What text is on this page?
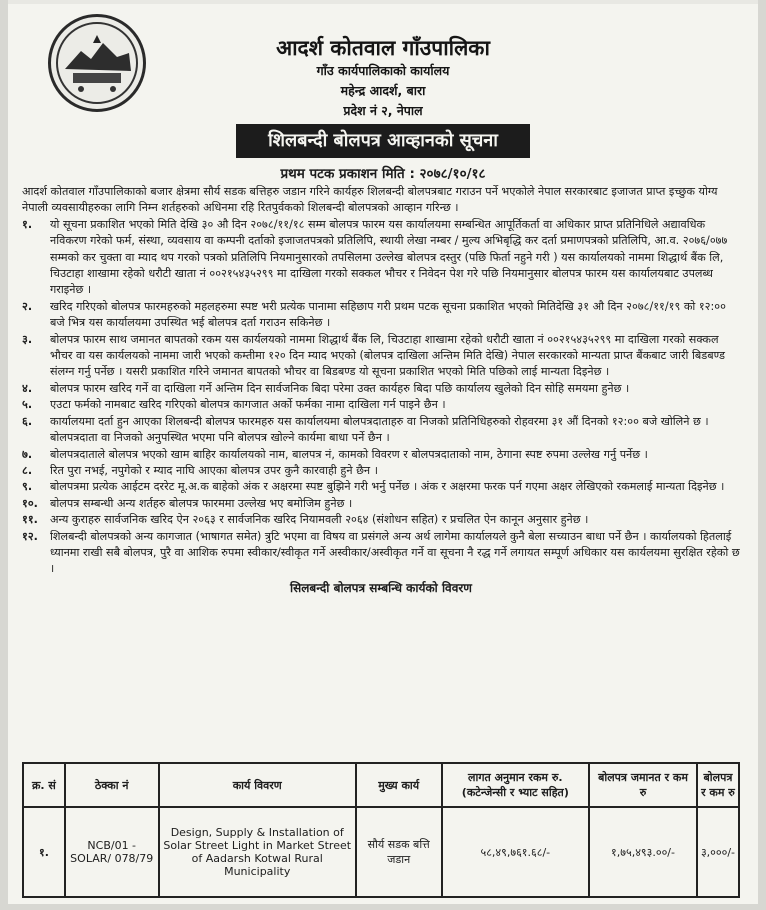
आदर्श कोतवाल गाँउपालिका
गाँउ कार्यपालिकाको कार्यालय
महेन्द्र आदर्श, बारा
प्रदेश नं २, नेपाल
शिलबन्दी बोलपत्र आव्हानको सूचना
प्रथम पटक प्रकाशन मिति : २०७८/१०/१८

आदर्श कोतवाल गाँउपालिकाको बजार क्षेत्रमा सौर्य सडक बत्तिहरु जडान गरिने कार्यहरु शिलबन्दी बोलपत्रबाट गराउन पर्ने भएकोले नेपाल सरकारबाट इजाजत प्राप्त इच्छुक योग्य नेपाली व्यवसायीहरुका लागि निम्न शर्तहरुको अधिनमा रहि रितपुर्वकको शिलबन्दी बोलपत्रको आव्हान गरिन्छ ।

१.	यो सूचना प्रकाशित भएको मिति देखि ३० औ दिन २०७८/११/१८ सम्म बोलपत्र फारम यस कार्यालयमा सम्बन्धित आपूर्तिकर्ता वा अधिकार प्राप्त प्रतिनिधिले अद्यावधिक नविकरण गरेको फर्म, संस्था, व्यवसाय वा कम्पनी दर्ताको इजाजतपत्रको प्रतिलिपि, स्थायी लेखा नम्बर / मुल्य अभिबृद्धि कर दर्ता प्रमाणपत्रको प्रतिलिपि, आ.व. २०७६/०७७ सम्मको कर चुक्ता वा म्याद थप गरको पत्रको प्रतिलिपि नियमानुसारको तपसिलमा उल्लेख बोलपत्र दस्तुर (पछि फिर्ता नहुने गरी ) यस कार्यालयको नाममा शिद्धार्थ बैंक लि, चिउटाहा शाखामा रहेको धरौटी खाता नं ००२१५४३५२९९ मा दाखिला गरको सक्कल भौचर र निवेदन पेश गरे पछि नियमानुसार बोलपत्र फारम यस कार्यालयबाट उपलब्ध गराइनेछ ।
२.	खरिद गरिएको बोलपत्र फारमहरुको महलहरुमा स्पष्ट भरी प्रत्येक पानामा सहिछाप गरी प्रथम पटक सूचना प्रकाशित भएको मितिदेखि ३१ औ दिन २०७८/११/१९ को १२:०० बजे भित्र यस कार्यालयमा उपस्थित भई बोलपत्र दर्ता गराउन सकिनेछ ।
३.	बोलपत्र फारम साथ जमानत बापतको रकम यस कार्यलयको नाममा शिद्धार्थ बैंक लि, चिउटाहा शाखामा रहेको धरौटी खाता नं ००२१५४३५२९९ मा दाखिला गरको सक्कल भौचर वा यस कार्यलयको नाममा जारी भएको कम्तीमा १२० दिन म्याद भएको (बोलपत्र दाखिला अन्तिम मिति देखि) नेपाल सरकारको मान्यता प्राप्त बैंकबाट जारी बिडबण्ड संलग्न गर्नु पर्नेछ । यसरी प्रकाशित गरिने जमानत बापतको भौचर वा बिडबण्ड यो सूचना प्रकाशित भएको मिति पछिको लाई मान्यता दिइनेछ ।
४.	बोलपत्र फारम खरिद गर्ने वा दाखिला गर्ने अन्तिम दिन सार्वजनिक बिदा परेमा उक्त कार्यहरु बिदा पछि कार्यालय खुलेको दिन सोहि समयमा हुनेछ ।
५.	एउटा फर्मको नामबाट खरिद गरिएको बोलपत्र कागजात अर्को फर्मका नामा दाखिला गर्न पाइने छैन ।
६.	कार्यालयमा दर्ता हुन आएका शिलबन्दी बोलपत्र फारमहरु यस कार्यालयमा बोलपत्रदाताहरु वा निजको प्रतिनिधिहरुको रोहवरमा ३१ औं दिनको १२:०० बजे खोलिने छ । बोलपत्रदाता वा निजको अनुपस्थित भएमा पनि बोलपत्र खोल्ने कार्यमा बाधा पर्ने छैन ।
७.	बोलपत्रदाताले बोलपत्र भएको खाम बाहिर कार्यालयको नाम, बालपत्र नं, कामको विवरण र बोलपत्रदाताको नाम, ठेगाना स्पष्ट रुपमा उल्लेख गर्नु पर्नेछ ।
८.	रित पुरा नभई, नपुगेको र म्याद नाघि आएका बोलपत्र उपर कुनै कारवाही हुने छैन ।
९.	बोलपत्रमा प्रत्येक आईटम दररेट मू.अ.क बाहेको अंक र अक्षरमा स्पष्ट बुझिने गरी भर्नु पर्नेछ । अंक र अक्षरमा फरक पर्न गएमा अक्षर लेखिएको रकमलाई मान्यता दिइनेछ ।
१०.	बोलपत्र सम्बन्धी अन्य शर्तहरु बोलपत्र फारममा उल्लेख भए बमोजिम हुनेछ ।
११.	अन्य कुराहरु सार्वजनिक खरिद ऐन २०६३ र सार्वजनिक खरिद नियामवली २०६४ (संशोधन सहित) र प्रचलित ऐन कानून अनुसार हुनेछ ।
१२.	शिलबन्दी बोलपत्रको अन्य कागजात (भाषागत समेत) त्रुटि भएमा वा विषय वा प्रसंगले अन्य अर्थ लागेमा कार्यालयले कुनै बेला सच्याउन बाधा पर्ने छैन । कार्यालयको हितलाई ध्यानमा राखी सबै बोलपत्र, पुरै वा आशिक रुपमा स्वीकार/स्वीकृत गर्ने अस्वीकार/अस्वीकृत गर्ने वा सूचना नै रद्ध गर्ने लगायत सम्पूर्ण अधिकार यस कार्यलयमा सुरक्षित रहेको छ ।
सिलबन्दी बोलपत्र सम्बन्धि कार्यको विवरण
क्र. सं	ठेक्का नं	कार्य विवरण	मुख्य कार्य	लागत अनुमान रकम रु. (कटेन्जेन्सी र भ्याट सहित)	बोलपत्र जमानत र कम रु	बोलपत्र र कम रु
१.	NCB/01 -SOLAR/ 078/79	Design, Supply & Installation of Solar Street Light in Market Street of Aadarsh Kotwal Rural Municipality	सौर्य सडक बत्ति जडान	५८,४९,७६१.६८/-	१,७५,४९३.००/-	३,०००/-
